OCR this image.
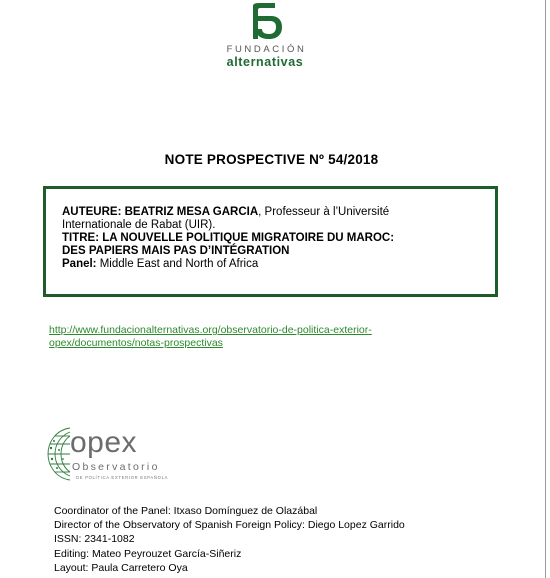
FUNDACIÓN
alternativas
NOTE PROSPECTIVE Nº 54/2018
AUTEURE: BEATRIZ MESA GARCIA, Professeur à l’Université
Internationale de Rabat (UIR).
TITRE: LA NOUVELLE POLITIQUE MIGRATOIRE DU MAROC:
DES PAPIERS MAIS PAS D’INTÉGRATION
Panel: Middle East and North of Africa
http://www.fundacionalternativas.org/observatorio-de-politica-exterior-
opex/documentos/notas-prospectivas
opex
Observatorio
DE POLÍTICA EXTERIOR ESPAÑOLA
Coordinator of the Panel: Itxaso Domínguez de Olazábal
Director of the Observatory of Spanish Foreign Policy: Diego Lopez Garrido
ISSN: 2341-1082
Editing: Mateo Peyrouzet García-Siñeriz
Layout: Paula Carretero Oya
